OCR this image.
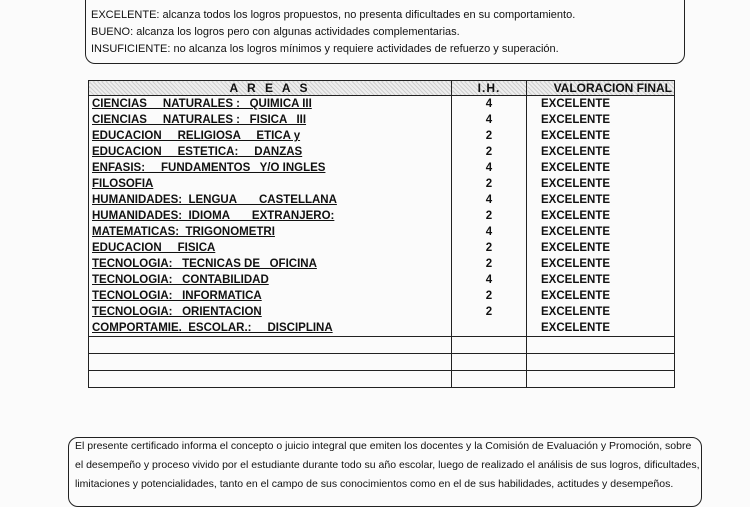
EXCELENTE: alcanza todos los logros propuestos, no presenta dificultades en su comportamiento.
BUENO: alcanza los logros pero con algunas actividades complementarias.
INSUFICIENTE: no alcanza los logros mínimos y requiere actividades de refuerzo y superación.
A R E A S	I.H.	VALORACION FINAL
CIENCIAS     NATURALES :   QUIMICA III	4	EXCELENTE
CIENCIAS     NATURALES :   FISICA   III	4	EXCELENTE
EDUCACION     RELIGIOSA     ETICA y	2	EXCELENTE
EDUCACION     ESTETICA:     DANZAS	2	EXCELENTE
ENFASIS:     FUNDAMENTOS   Y/O INGLES	4	EXCELENTE
FILOSOFIA	2	EXCELENTE
HUMANIDADES:  LENGUA       CASTELLANA	4	EXCELENTE
HUMANIDADES:  IDIOMA       EXTRANJERO:	2	EXCELENTE
MATEMATICAS:  TRIGONOMETRI	4	EXCELENTE
EDUCACION     FISICA	2	EXCELENTE
TECNOLOGIA:   TECNICAS DE   OFICINA	2	EXCELENTE
TECNOLOGIA:   CONTABILIDAD	4	EXCELENTE
TECNOLOGIA:   INFORMATICA	2	EXCELENTE
TECNOLOGIA:   ORIENTACION	2	EXCELENTE
COMPORTAMIE.  ESCOLAR.:     DISCIPLINA		EXCELENTE

El presente certificado informa el concepto o juicio integral que emiten los docentes y la Comisión de Evaluación y Promoción, sobre
el desempeño y proceso vivido por el estudiante durante todo su año escolar, luego de realizado el análisis de sus logros, dificultades,
limitaciones y potencialidades, tanto en el campo de sus conocimientos como en el de sus habilidades, actitudes y desempeños.
